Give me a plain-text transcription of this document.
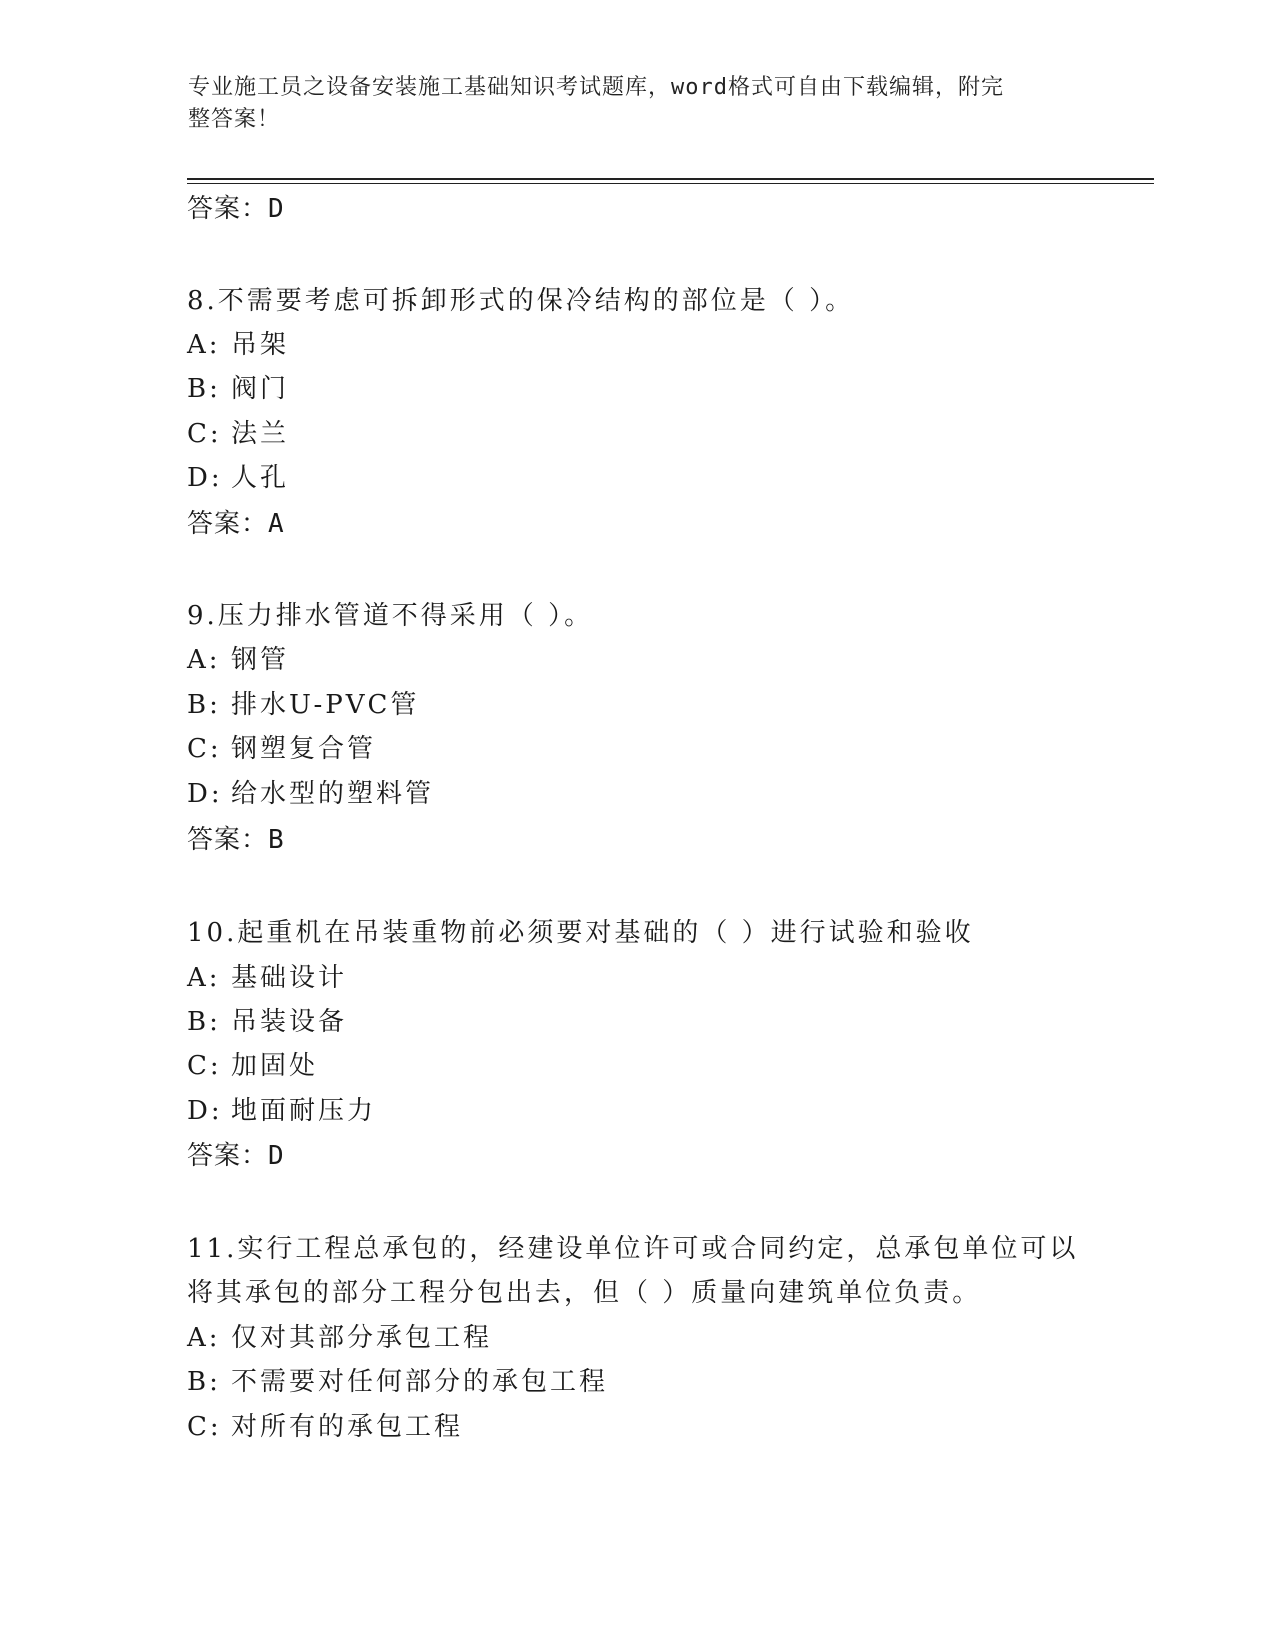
专业施工员之设备安装施工基础知识考试题库，word格式可自由下载编辑，附完
整答案！
答案：D
8.不需要考虑可拆卸形式的保冷结构的部位是（ ）。
A: 吊架
B: 阀门
C: 法兰
D: 人孔
答案：A
9.压力排水管道不得采用（ ）。
A: 钢管
B: 排水U-PVC管
C: 钢塑复合管
D: 给水型的塑料管
答案：B
10.起重机在吊装重物前必须要对基础的（ ）进行试验和验收
A: 基础设计
B: 吊装设备
C: 加固处
D: 地面耐压力
答案：D
11.实行工程总承包的，经建设单位许可或合同约定，总承包单位可以
将其承包的部分工程分包出去，但（ ）质量向建筑单位负责。
A: 仅对其部分承包工程
B: 不需要对任何部分的承包工程
C: 对所有的承包工程
